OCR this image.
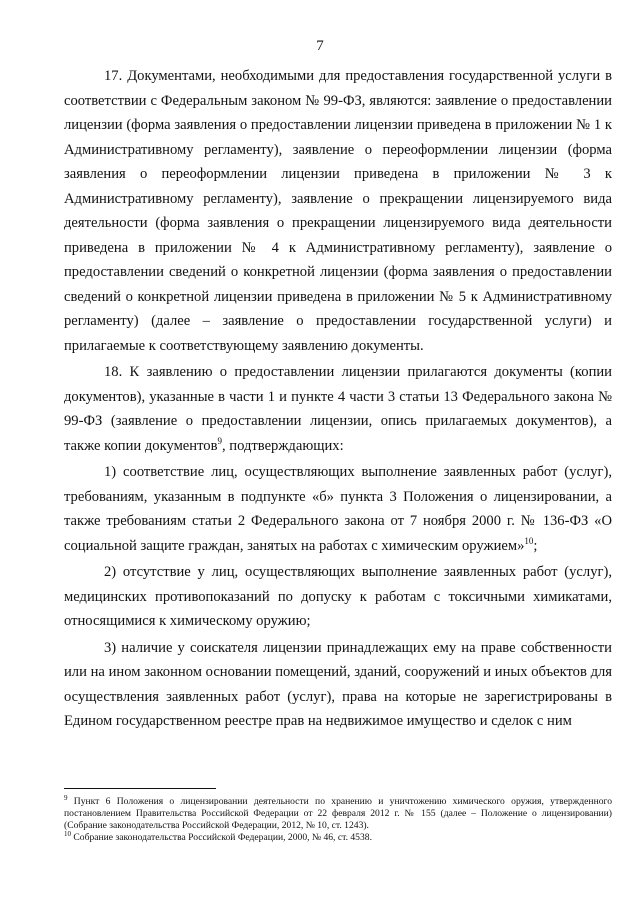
7

17. Документами, необходимыми для предоставления государственной услуги в соответствии с Федеральным законом № 99-ФЗ, являются: заявление о предоставлении лицензии (форма заявления о предоставлении лицензии приведена в приложении № 1 к Административному регламенту), заявление о переоформлении лицензии (форма заявления о переоформлении лицензии приведена в приложении № 3 к Административному регламенту), заявление о прекращении лицензируемого вида деятельности (форма заявления о прекращении лицензируемого вида деятельности приведена в приложении № 4 к Административному регламенту), заявление о предоставлении сведений о конкретной лицензии (форма заявления о предоставлении сведений о конкретной лицензии приведена в приложении № 5 к Административному регламенту) (далее – заявление о предоставлении государственной услуги) и прилагаемые к соответствующему заявлению документы.

18. К заявлению о предоставлении лицензии прилагаются документы (копии документов), указанные в части 1 и пункте 4 части 3 статьи 13 Федерального закона № 99-ФЗ (заявление о предоставлении лицензии, опись прилагаемых документов), а также копии документов$^9$, подтверждающих:

1) соответствие лиц, осуществляющих выполнение заявленных работ (услуг), требованиям, указанным в подпункте «б» пункта 3 Положения о лицензировании, а также требованиям статьи 2 Федерального закона от 7 ноября 2000 г. № 136-ФЗ «О социальной защите граждан, занятых на работах с химическим оружием»$^{10}$;

2) отсутствие у лиц, осуществляющих выполнение заявленных работ (услуг), медицинских противопоказаний по допуску к работам с токсичными химикатами, относящимися к химическому оружию;

3) наличие у соискателя лицензии принадлежащих ему на праве собственности или на ином законном основании помещений, зданий, сооружений и иных объектов для осуществления заявленных работ (услуг), права на которые не зарегистрированы в Едином государственном реестре прав на недвижимое имущество и сделок с ним

$^9$ Пункт 6 Положения о лицензировании деятельности по хранению и уничтожению химического оружия, утвержденного постановлением Правительства Российской Федерации от 22 февраля 2012 г. № 155 (далее – Положение о лицензировании) (Собрание законодательства Российской Федерации, 2012, № 10, ст. 1243).

$^{10}$ Собрание законодательства Российской Федерации, 2000, № 46, ст. 4538.
